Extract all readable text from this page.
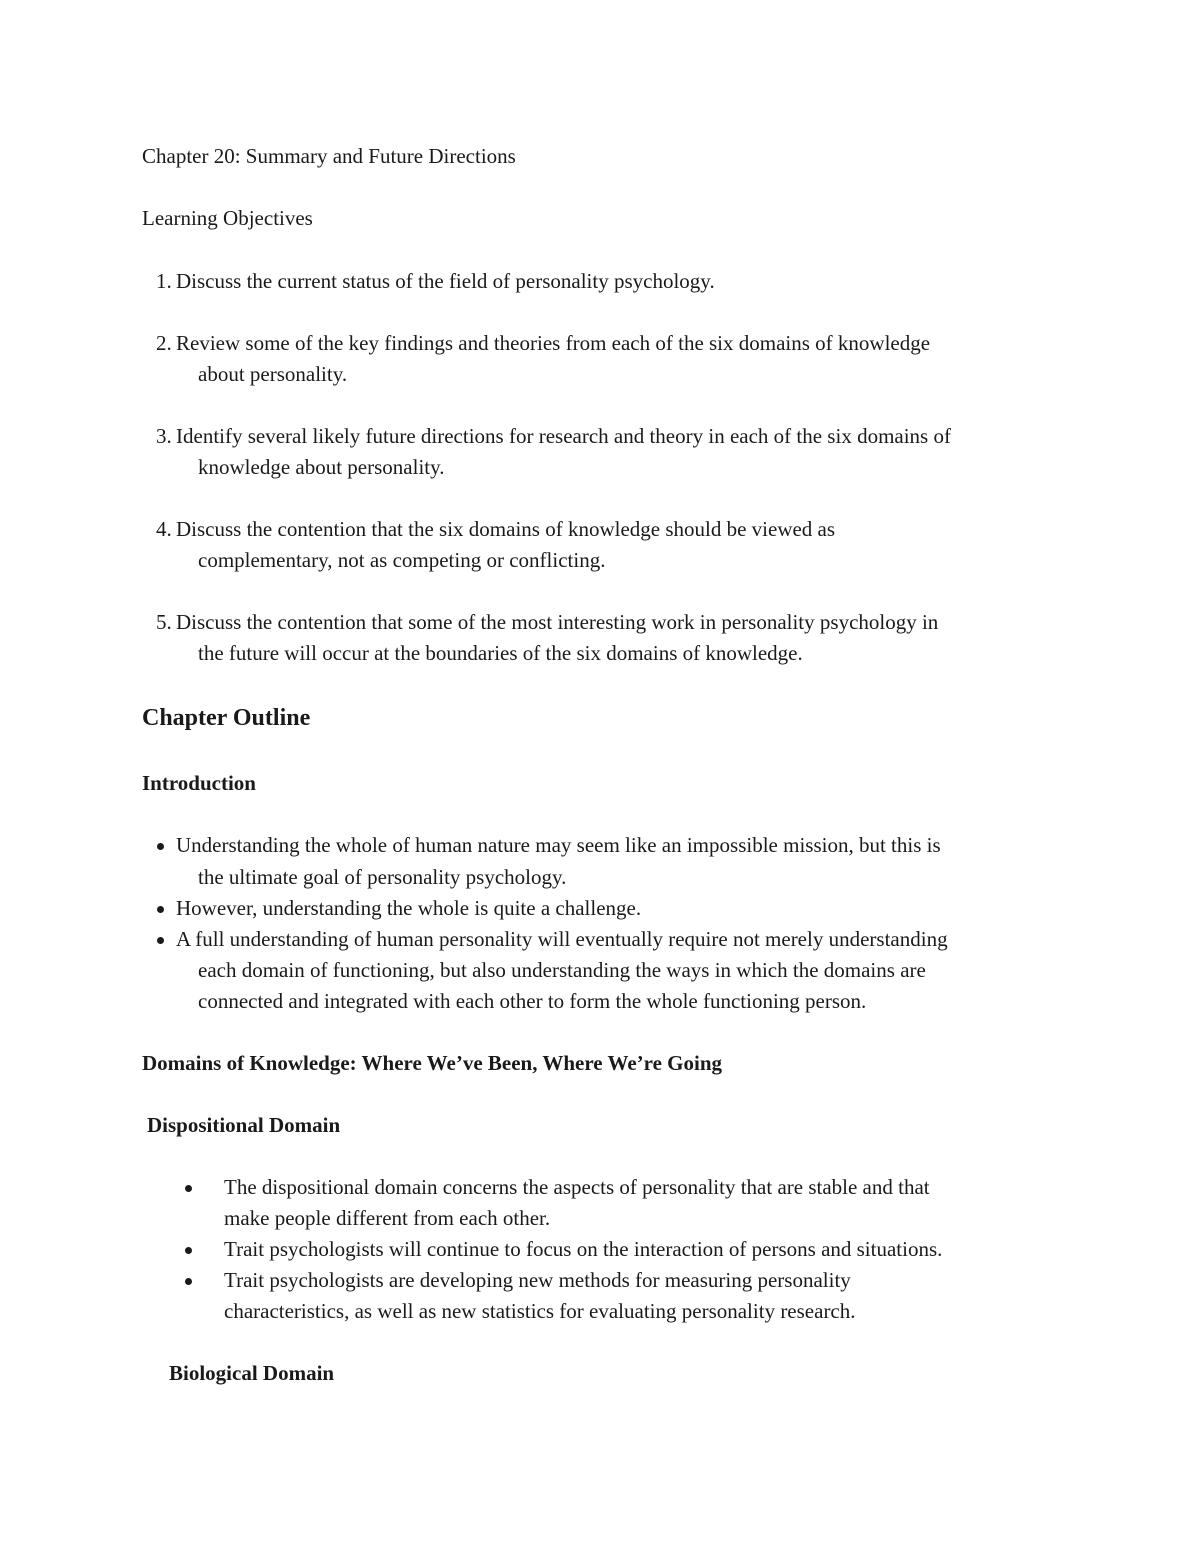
Chapter 20: Summary and Future Directions
Learning Objectives
1. Discuss the current status of the field of personality psychology.
2. Review some of the key findings and theories from each of the six domains of knowledge
about personality.
3. Identify several likely future directions for research and theory in each of the six domains of
knowledge about personality.
4. Discuss the contention that the six domains of knowledge should be viewed as
complementary, not as competing or conflicting.
5. Discuss the contention that some of the most interesting work in personality psychology in
the future will occur at the boundaries of the six domains of knowledge.
Chapter Outline
Introduction
Understanding the whole of human nature may seem like an impossible mission, but this is
the ultimate goal of personality psychology.
However, understanding the whole is quite a challenge.
A full understanding of human personality will eventually require not merely understanding
each domain of functioning, but also understanding the ways in which the domains are
connected and integrated with each other to form the whole functioning person.
Domains of Knowledge: Where We’ve Been, Where We’re Going
Dispositional Domain
The dispositional domain concerns the aspects of personality that are stable and that
make people different from each other.
Trait psychologists will continue to focus on the interaction of persons and situations.
Trait psychologists are developing new methods for measuring personality
characteristics, as well as new statistics for evaluating personality research.
Biological Domain
